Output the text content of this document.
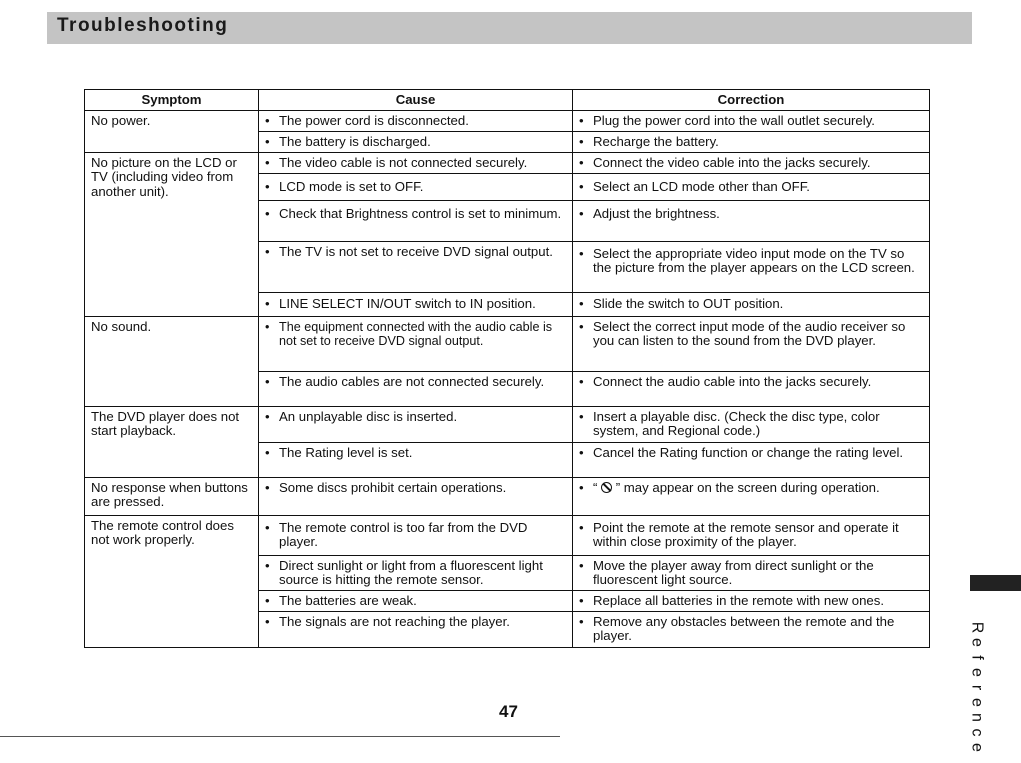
Troubleshooting
Symptom	Cause	Correction
No power.	• The power cord is disconnected.	• Plug the power cord into the wall outlet securely.

	• The battery is discharged.	• Recharge the battery.

No picture on the LCD or TV (including video from another unit).	• The video cable is not connected securely.	• Connect the video cable into the jacks securely.

	• LCD mode is set to OFF.	• Select an LCD mode other than OFF.

	• Check that Brightness control is set to minimum.	• Adjust the brightness.

	• The TV is not set to receive DVD signal output.	• Select the appropriate video input mode on the TV so the picture from the player appears on the LCD screen.

	• LINE SELECT IN/OUT switch to IN position.	• Slide the switch to OUT position.

No sound.	• The equipment connected with the audio cable is not set to receive DVD signal output.	• Select the correct input mode of the audio receiver so you can listen to the sound from the DVD player.

	• The audio cables are not connected securely.	• Connect the audio cable into the jacks securely.

The DVD player does not start playback.	• An unplayable disc is inserted.	• Insert a playable disc. (Check the disc type, color system, and Regional code.)

	• The Rating level is set.	• Cancel the Rating function or change the rating level.

No response when buttons are pressed.	• Some discs prohibit certain operations.	• “ ” may appear on the screen during operation.

The remote control does not work properly.	• The remote control is too far from the DVD player.	• Point the remote at the remote sensor and operate it within close proximity of the player.

	• Direct sunlight or light from a fluorescent light source is hitting the remote sensor.	• Move the player away from direct sunlight or the fluorescent light source.

	• The batteries are weak.	• Replace all batteries in the remote with new ones.

	• The signals are not reaching the player.	• Remove any obstacles between the remote and the player.
47
R
e
f
e
r
e
n
c
e
